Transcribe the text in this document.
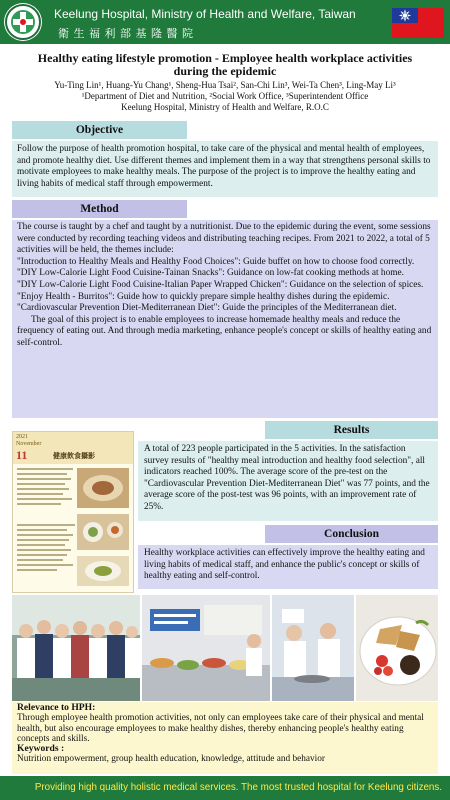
Keelung Hospital, Ministry of Health and Welfare, Taiwan
衛生福利部基隆醫院
Healthy eating lifestyle promotion - Employee health workplace activities
during the epidemic
Yu-Ting Lin¹, Huang-Yu Chang¹, Sheng-Hua Tsai², San-Chi Lin³, Wei-Ta Chen³, Ling-May Li³
¹Department of Diet and Nutrition, ²Social Work Office, ³Superintendent Office
Keelung Hospital, Ministry of Health and Welfare, R.O.C
Objective
Follow the purpose of health promotion hospital, to take care of the physical and mental health of employees, and promote healthy diet. Use different themes and implement them in a way that strengthens personal skills to motivate employees to make healthy meals. The purpose of the project is to improve the healthy eating and living habits of medical staff through empowerment.
Method

The course is taught by a chef and taught by a nutritionist. Due to the epidemic during the event, some sessions were conducted by recording teaching videos and distributing teaching recipes. From 2021 to 2022, a total of 5 activities will be held, the themes include:

"Introduction to Healthy Meals and Healthy Food Choices": Guide buffet on how to choose food correctly.

"DIY Low-Calorie Light Food Cuisine-Tainan Snacks": Guidance on low-fat cooking methods at home.

"DIY Low-Calorie Light Food Cuisine-Italian Paper Wrapped Chicken": Guidance on the selection of spices.

"Enjoy Health - Burritos": Guide how to quickly prepare simple healthy dishes during the epidemic.

"Cardiovascular Prevention Diet-Mediterranean Diet": Guide the principles of the Mediterranean diet.

The goal of this project is to enable employees to increase homemade healthy meals and reduce the frequency of eating out. And through media marketing, enhance people's concept or skills of healthy eating and self-control.

2021
November
11	健康飲食攝影
Results
A total of 223 people participated in the 5 activities. In the satisfaction survey results of "healthy meal introduction and healthy food selection", all indicators reached 100%. The average score of the pre-test on the "Cardiovascular Prevention Diet-Mediterranean Diet" was 77 points, and the average score of the post-test was 96 points, with an improvement rate of 25%.
Conclusion
Healthy workplace activities can effectively improve the healthy eating and living habits of medical staff, and enhance the public's concept or skills of healthy eating and self-control.
Relevance to HPH:
Through employee health promotion activities, not only can employees take care of their physical and mental health, but also encourage employees to make healthy dishes, thereby enhancing people's healthy eating concepts and skills.
Keywords :
Nutrition empowerment, group health education, knowledge, attitude and behavior
Providing high quality holistic medical services. The most trusted hospital for Keelung citizens.
